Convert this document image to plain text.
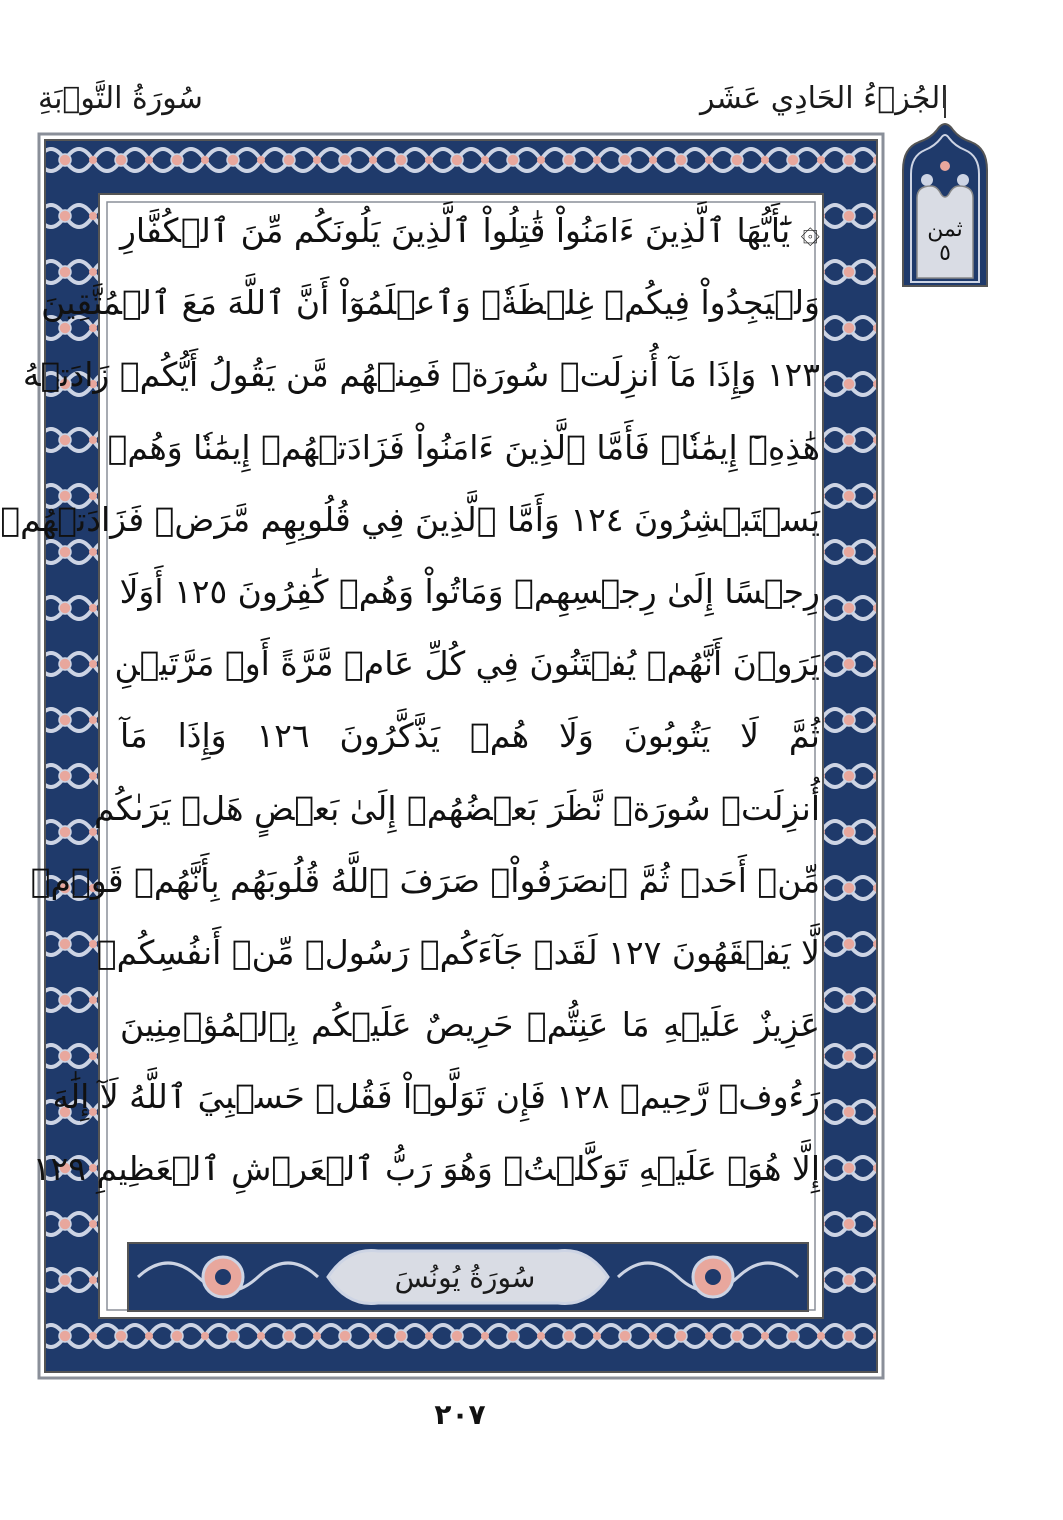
سُورَةُ التَّوۡبَةِ	الجُزۡءُ الحَادِي عَشَر
ثمن
٥
۞ يَٰٓأَيُّهَا ٱلَّذِينَ ءَامَنُواْ قَٰتِلُواْ ٱلَّذِينَ يَلُونَكُم مِّنَ ٱلۡكُفَّارِ
وَلۡيَجِدُواْ فِيكُمۡ غِلۡظَةٗۚ وَٱعۡلَمُوٓاْ أَنَّ ٱللَّهَ مَعَ ٱلۡمُتَّقِينَ
١٢٣ وَإِذَا مَآ أُنزِلَتۡ سُورَةٞ فَمِنۡهُم مَّن يَقُولُ أَيُّكُمۡ زَادَتۡهُ
هَٰذِهِۦٓ إِيمَٰنٗاۚ فَأَمَّا ٱلَّذِينَ ءَامَنُواْ فَزَادَتۡهُمۡ إِيمَٰنٗا وَهُمۡ
يَسۡتَبۡشِرُونَ ١٢٤ وَأَمَّا ٱلَّذِينَ فِي قُلُوبِهِم مَّرَضٞ فَزَادَتۡهُمۡ
رِجۡسًا إِلَىٰ رِجۡسِهِمۡ وَمَاتُواْ وَهُمۡ كَٰفِرُونَ ١٢٥ أَوَلَا
يَرَوۡنَ أَنَّهُمۡ يُفۡتَنُونَ فِي كُلِّ عَامٖ مَّرَّةً أَوۡ مَرَّتَيۡنِ
ثُمَّ لَا يَتُوبُونَ وَلَا هُمۡ يَذَّكَّرُونَ ١٢٦ وَإِذَا مَآ
أُنزِلَتۡ سُورَةٞ نَّظَرَ بَعۡضُهُمۡ إِلَىٰ بَعۡضٍ هَلۡ يَرَىٰكُم
مِّنۡ أَحَدٖ ثُمَّ ٱنصَرَفُواْۚ صَرَفَ ٱللَّهُ قُلُوبَهُم بِأَنَّهُمۡ قَوۡمٞ
لَّا يَفۡقَهُونَ ١٢٧ لَقَدۡ جَآءَكُمۡ رَسُولٞ مِّنۡ أَنفُسِكُمۡ
عَزِيزٌ عَلَيۡهِ مَا عَنِتُّمۡ حَرِيصٌ عَلَيۡكُم بِٱلۡمُؤۡمِنِينَ
رَءُوفٞ رَّحِيمٞ ١٢٨ فَإِن تَوَلَّوۡاْ فَقُلۡ حَسۡبِيَ ٱللَّهُ لَآ إِلَٰهَ
إِلَّا هُوَۖ عَلَيۡهِ تَوَكَّلۡتُۖ وَهُوَ رَبُّ ٱلۡعَرۡشِ ٱلۡعَظِيمِ ١٢٩
سُورَةُ يُونُسَ
٢٠٧
